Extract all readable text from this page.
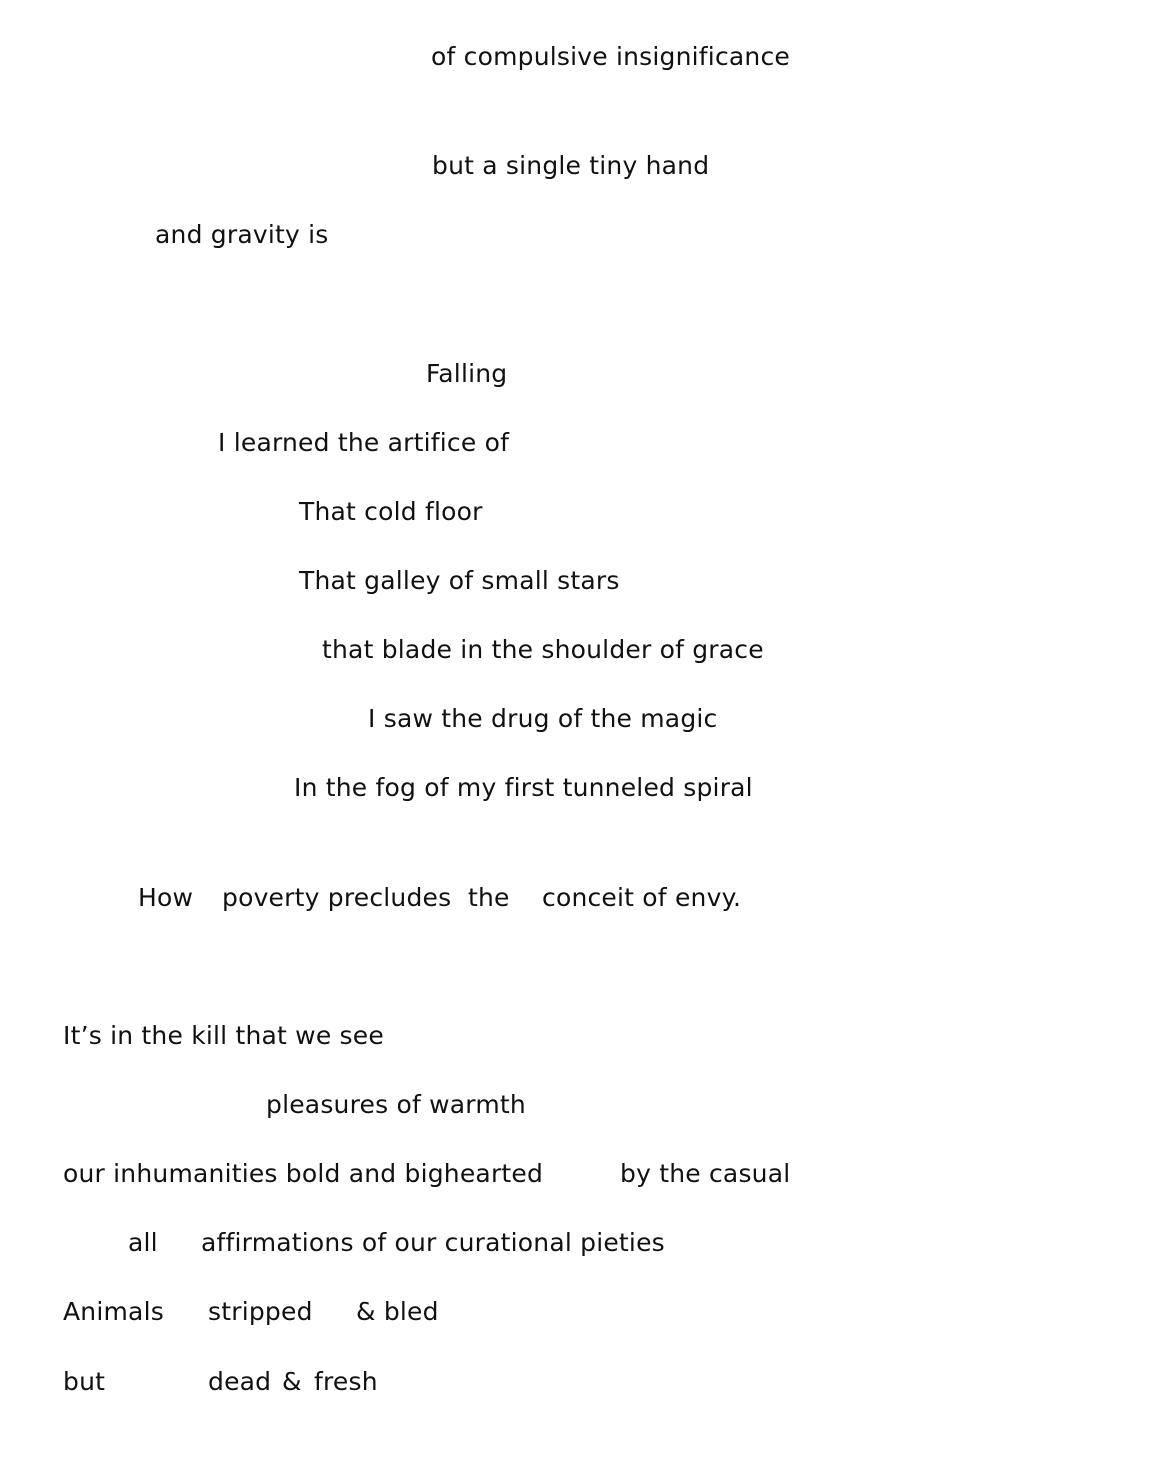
of compulsive insignificance
but a single tiny hand
and gravity is
Falling
I learned the artifice of
That cold floor
That galley of small stars
that blade in the shoulder of grace
I saw the drug of the magic
In the fog of my first tunneled spiral
How poverty precludes the conceit of envy.
It’s in the kill that we see
pleasures of warmth
our inhumanities bold and bighearted	by the casual
all affirmations of our curational pieties
Animals stripped & bled
but	dead & fresh
